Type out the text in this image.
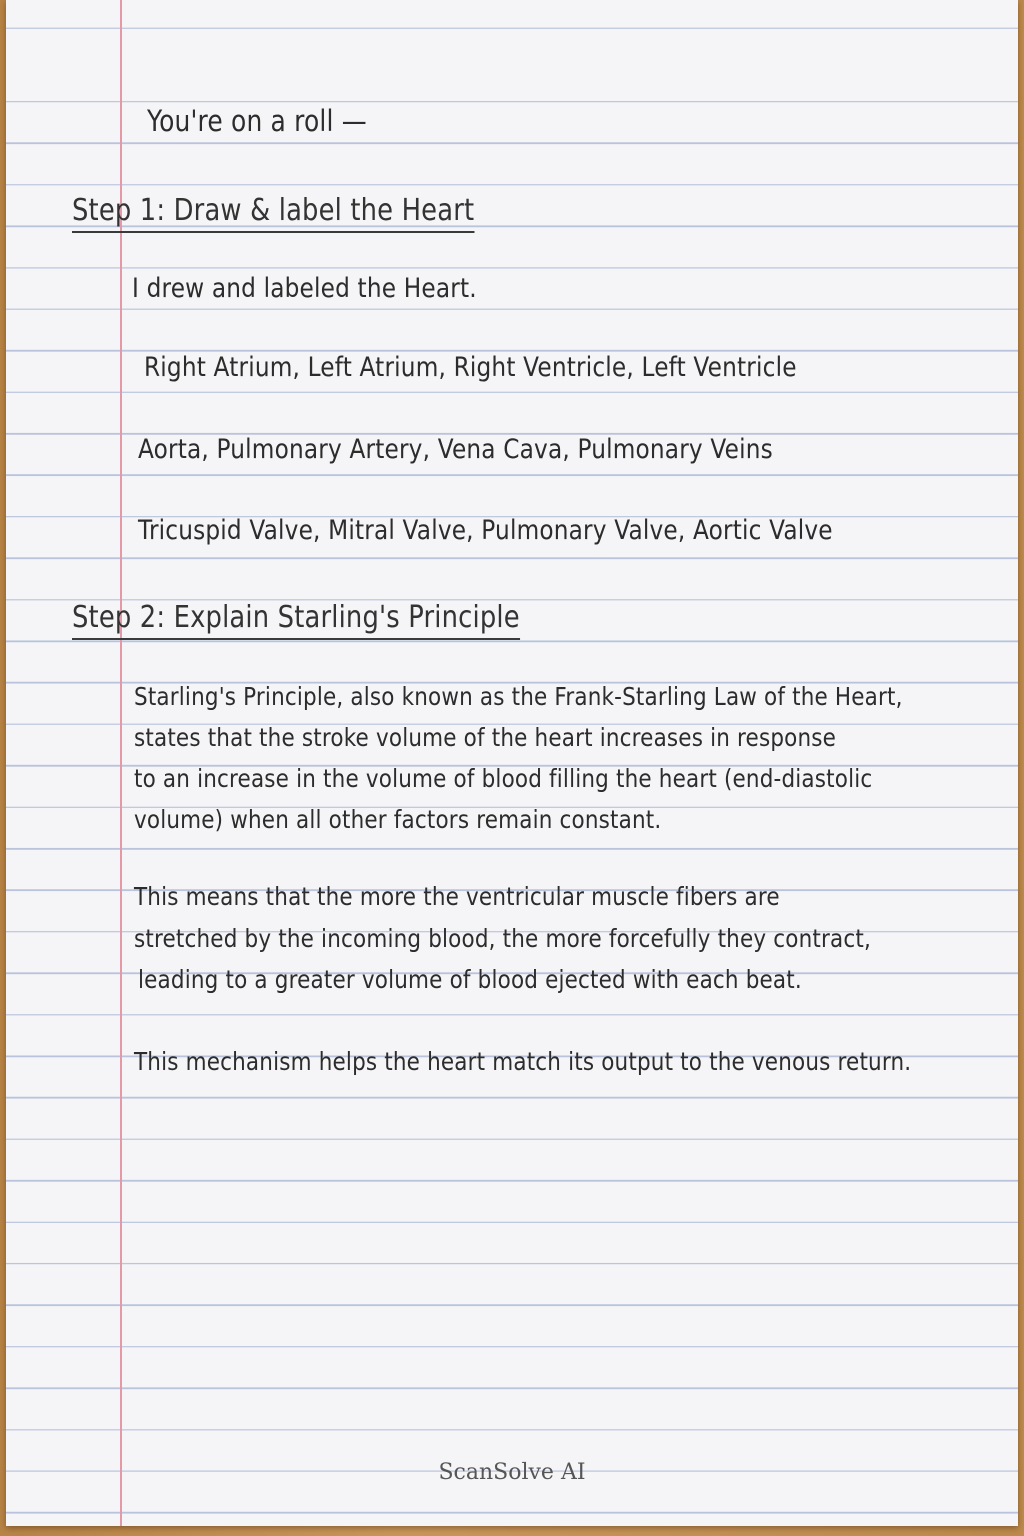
You're on a roll —
Step 1: Draw & label the Heart
I drew and labeled the Heart.
Right Atrium, Left Atrium, Right Ventricle, Left Ventricle
Aorta, Pulmonary Artery, Vena Cava, Pulmonary Veins
Tricuspid Valve, Mitral Valve, Pulmonary Valve, Aortic Valve
Step 2: Explain Starling's Principle
Starling's Principle, also known as the Frank-Starling Law of the Heart,
states that the stroke volume of the heart increases in response
to an increase in the volume of blood filling the heart (end-diastolic
volume) when all other factors remain constant.
This means that the more the ventricular muscle fibers are
stretched by the incoming blood, the more forcefully they contract,
leading to a greater volume of blood ejected with each beat.
This mechanism helps the heart match its output to the venous return.
ScanSolve AI
